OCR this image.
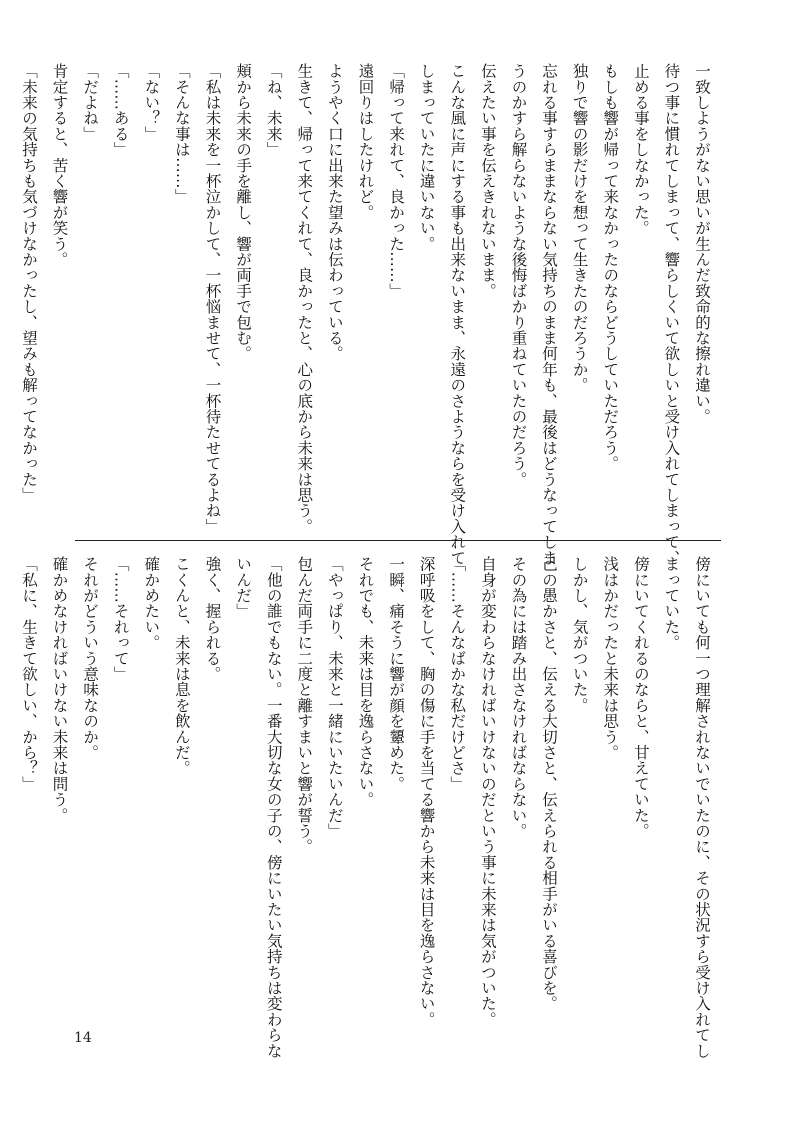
一致しようがない思いが生んだ致命的な擦れ違い。

待つ事に慣れてしまって、響らしくいて欲しいと受け入れてしまって、

止める事をしなかった。

もしも響が帰って来なかったのならどうしていただろう。

独りで響の影だけを想って生きたのだろうか。

忘れる事すらままならない気持ちのまま何年も、最後はどうなってしま

うのかすら解らないような後悔ばかり重ねていたのだろう。

伝えたい事を伝えきれないまま。

こんな風に声にする事も出来ないまま、永遠のさようならを受け入れて

しまっていたに違いない。

「帰って来れて、良かった……」

遠回りはしたけれど。

ようやく口に出来た望みは伝わっている。

生きて、帰って来てくれて、良かったと、心の底から未来は思う。

「ね、未来」

頬から未来の手を離し、響が両手で包む。

「私は未来を一杯泣かして、一杯悩ませて、一杯待たせてるよね」

「そんな事は……」

「ない？」

「……ある」

「だよね」

肯定すると、苦く響が笑う。

「未来の気持ちも気づけなかったし、望みも解ってなかった」

傍にいても何一つ理解されないでいたのに、その状況すら受け入れてし

まっていた。

傍にいてくれるのならと、甘えていた。

浅はかだったと未来は思う。

しかし、気がついた。

己の愚かさと、伝える大切さと、伝えられる相手がいる喜びを。

その為には踏み出さなければならない。

自身が変わらなければいけないのだという事に未来は気がついた。

「……そんなばかな私だけどさ」

深呼吸をして、胸の傷に手を当てる響から未来は目を逸らさない。

一瞬、痛そうに響が顔を顰めた。

それでも、未来は目を逸らさない。

「やっぱり、未来と一緒にいたいんだ」

包んだ両手に二度と離すまいと響が誓う。

「他の誰でもない。一番大切な女の子の、傍にいたい気持ちは変わらな

いんだ」

強く、握られる。

こくんと、未来は息を飲んだ。

確かめたい。

「……それって」

それがどういう意味なのか。

確かめなければいけない未来は問う。

「私に、生きて欲しい、から？」

14
